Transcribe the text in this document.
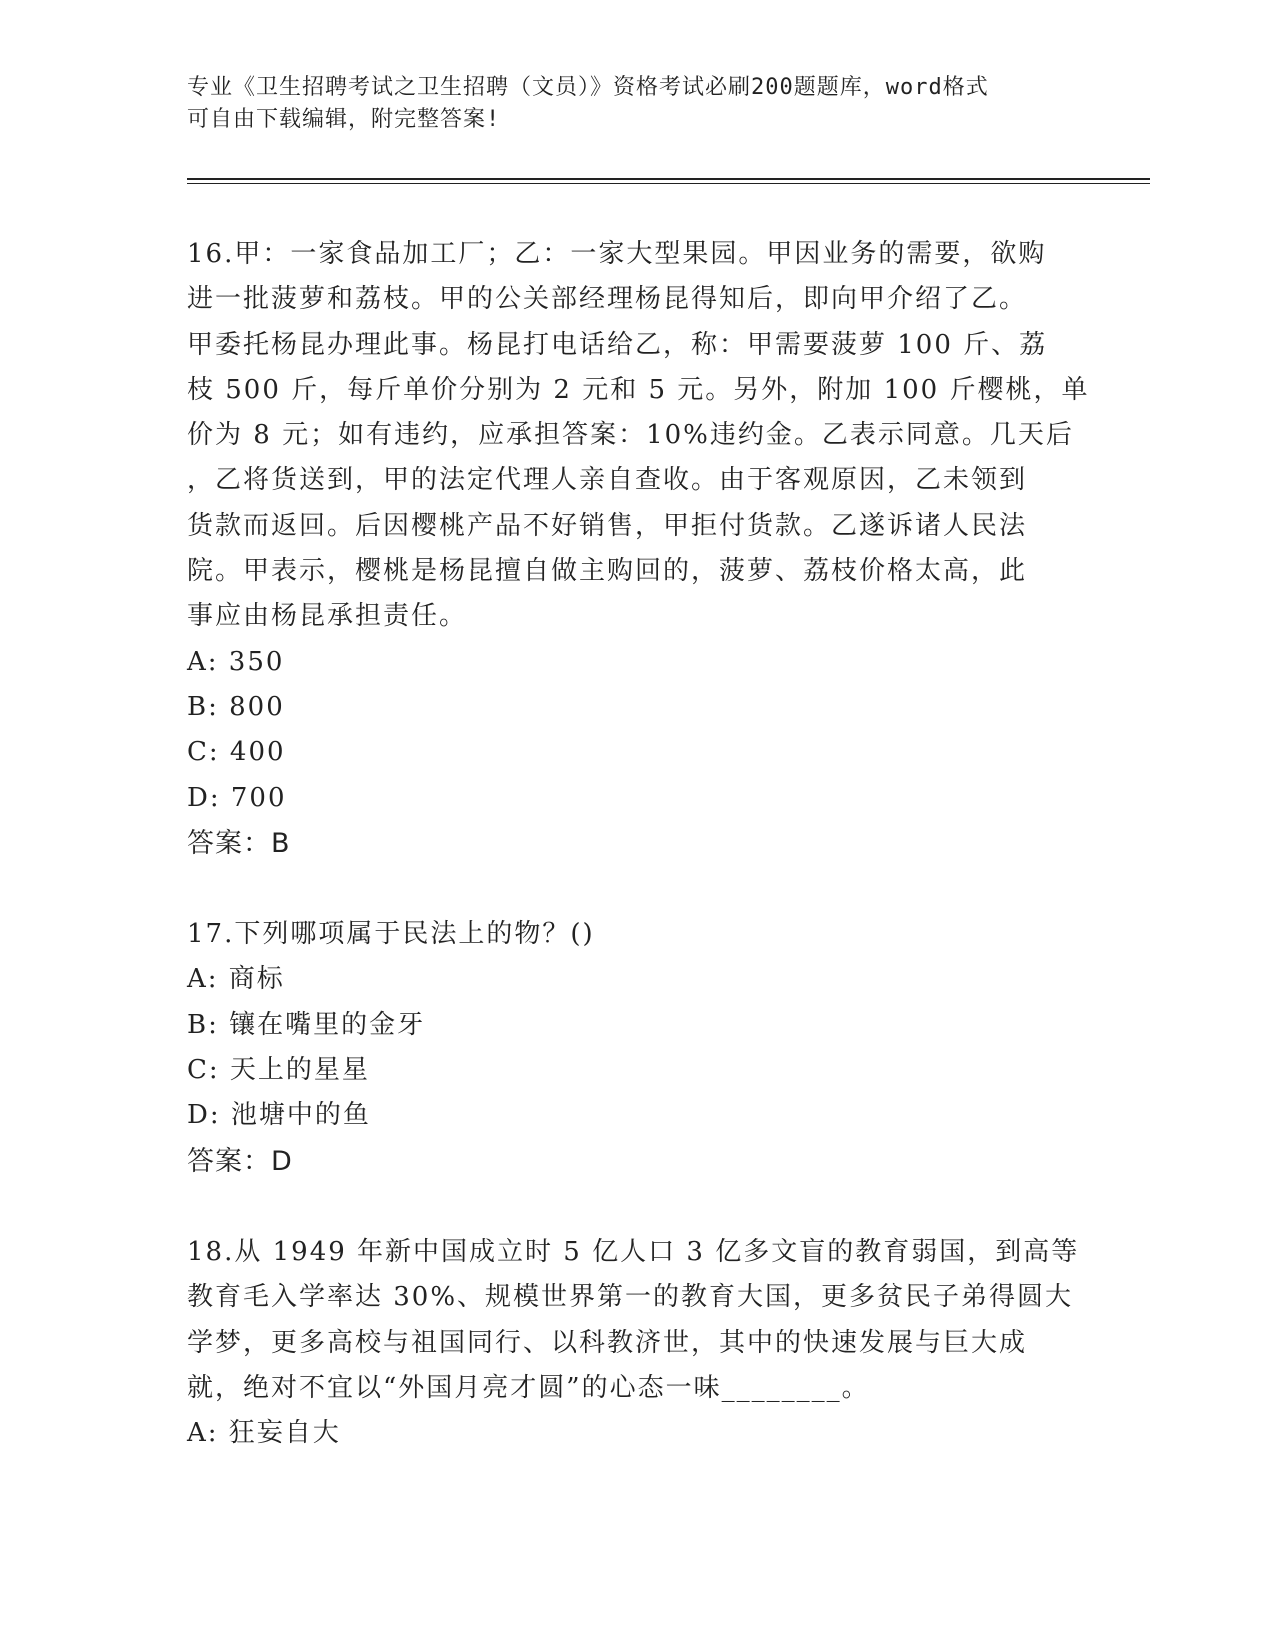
专业《卫生招聘考试之卫生招聘（文员）》资格考试必刷200题题库，word格式
可自由下载编辑，附完整答案!
16.甲：一家食品加工厂；乙：一家大型果园。甲因业务的需要，欲购
进一批菠萝和荔枝。甲的公关部经理杨昆得知后，即向甲介绍了乙。
甲委托杨昆办理此事。杨昆打电话给乙，称：甲需要菠萝 100 斤、荔
枝 500 斤，每斤单价分别为 2 元和 5 元。另外，附加 100 斤樱桃，单
价为 8 元；如有违约，应承担答案：10%违约金。乙表示同意。几天后
，乙将货送到，甲的法定代理人亲自查收。由于客观原因，乙未领到
货款而返回。后因樱桃产品不好销售，甲拒付货款。乙遂诉诸人民法
院。甲表示，樱桃是杨昆擅自做主购回的，菠萝、荔枝价格太高，此
事应由杨昆承担责任。
A: 350
B: 800
C: 400
D: 700
答案：B
17.下列哪项属于民法上的物？()
A: 商标
B: 镶在嘴里的金牙
C: 天上的星星
D: 池塘中的鱼
答案：D
18.从 1949 年新中国成立时 5 亿人口 3 亿多文盲的教育弱国，到高等
教育毛入学率达 30%、规模世界第一的教育大国，更多贫民子弟得圆大
学梦，更多高校与祖国同行、以科教济世，其中的快速发展与巨大成
就，绝对不宜以“外国月亮才圆”的心态一味________。
A: 狂妄自大
